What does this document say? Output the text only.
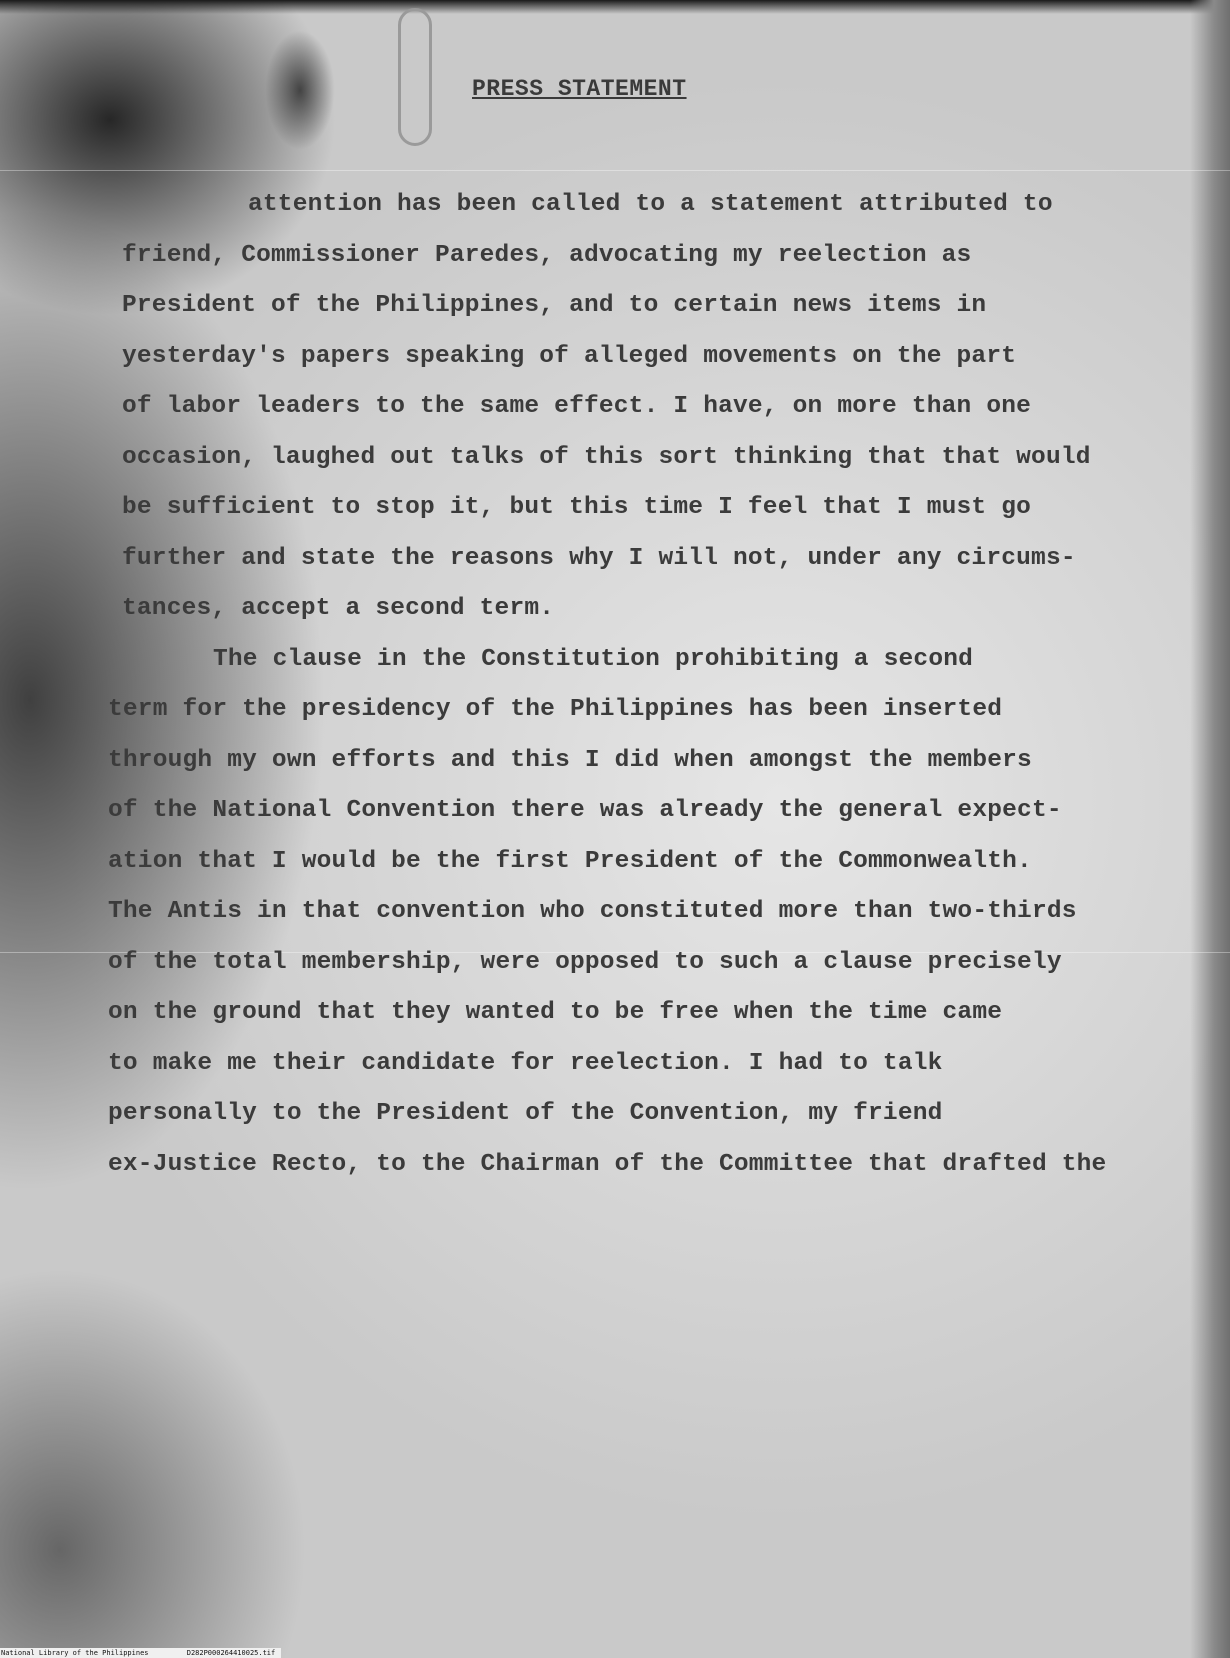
PRESS STATEMENT
attention has been called to a statement attributed to
friend, Commissioner Paredes, advocating my reelection as
President of the Philippines, and to certain news items in
yesterday's papers speaking of alleged movements on the part
of labor leaders to the same effect. I have, on more than one
occasion, laughed out talks of this sort thinking that that would
be sufficient to stop it, but this time I feel that I must go
further and state the reasons why I will not, under any circums-
tances, accept a second term.
The clause in the Constitution prohibiting a second
term for the presidency of the Philippines has been inserted
through my own efforts and this I did when amongst the members
of the National Convention there was already the general expect-
ation that I would be the first President of the Commonwealth.
The Antis in that convention who constituted more than two-thirds
of the total membership, were opposed to such a clause precisely
on the ground that they wanted to be free when the time came
to make me their candidate for reelection. I had to talk
personally to the President of the Convention, my friend
ex-Justice Recto, to the Chairman of the Committee that drafted the
National Library of the Philippines	D282P000264410025.tif
